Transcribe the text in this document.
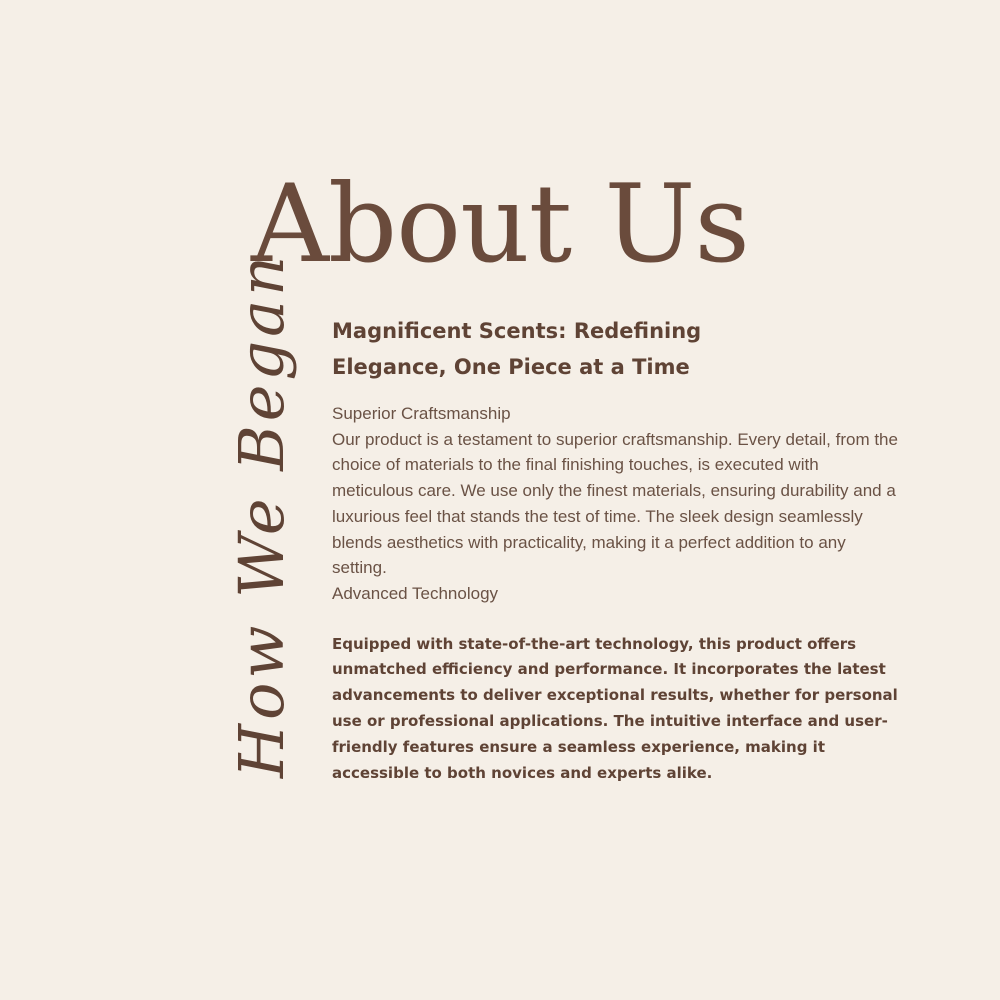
About Us
How We Began Magnificent Scents: Redefining Elegance, One Piece at a Time

Superior Craftsmanship

Our product is a testament to superior craftsmanship. Every detail, from the choice of materials to the final finishing touches, is executed with meticulous care. We use only the finest materials, ensuring durability and a luxurious feel that stands the test of time. The sleek design seamlessly blends aesthetics with practicality, making it a perfect addition to any setting.

Advanced Technology

Equipped with state-of-the-art technology, this product offers unmatched efficiency and performance. It incorporates the latest advancements to deliver exceptional results, whether for personal use or professional applications. The intuitive interface and user-friendly features ensure a seamless experience, making it accessible to both novices and experts alike.
